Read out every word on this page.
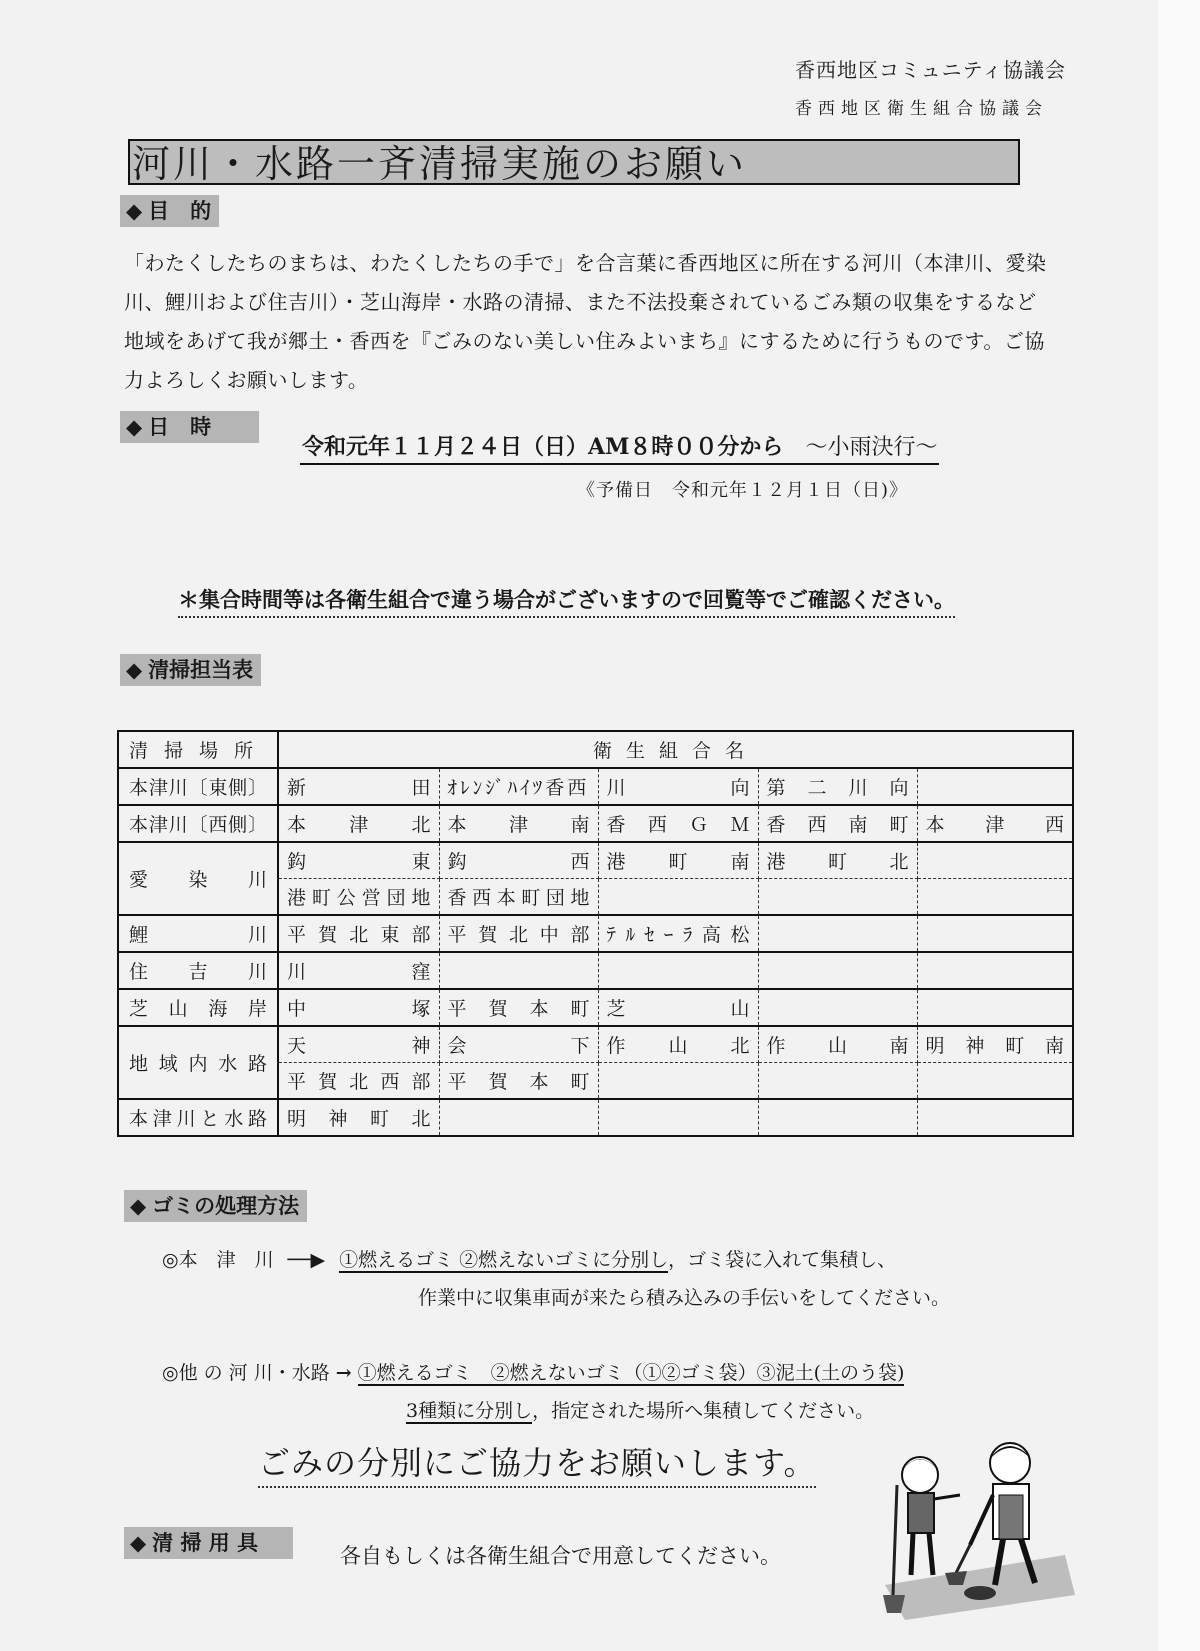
香西地区コミュニティ協議会
香西地区衛生組合協議会
河川・水路一斉清掃実施のお願い
◆ 目　的
「わたくしたちのまちは、わたくしたちの手で」を合言葉に香西地区に所在する河川（本津川、愛染川、鯉川および住吉川）・芝山海岸・水路の清掃、また不法投棄されているごみ類の収集をするなど地域をあげて我が郷土・香西を『ごみのない美しい住みよいまち』にするために行うものです。ご協力よろしくお願いします。
◆ 日　時
令和元年１１月２４日（日）AM８時００分から　 ～小雨決行～
《予備日　令和元年１２月１日（日)》
＊集合時間等は各衛生組合で違う場合がございますので回覧等でご確認ください。
◆ 清掃担当表
清掃場所	衛生組合名				
本津川〔東側〕	新田	ｵﾚﾝｼﾞﾊｲﾂ香西	川向	第二川向	
本津川〔西側〕	本津北	本津南	香西ＧＭ	香西南町	本津西
愛染川	鈎東	鈎西	港町南	港町北	
	港町公営団地	香西本町団地			
鯉川	平賀北東部	平賀北中部	ﾃﾙｾｰﾗ高松		
住吉川	川窪				
芝山海岸	中塚	平賀本町	芝山		
地域内水路	天神	会下	作山北	作山南	明神町南
	平賀北西部	平賀本町			
本津川と水路	明神町北				
◆ ゴミの処理方法
◎本　津　川 ──▶ ①燃えるゴミ ②燃えないゴミに分別し，ゴミ袋に入れて集積し、
作業中に収集車両が来たら積み込みの手伝いをしてください。
◎他 の 河 川・水路 → ①燃えるゴミ　②燃えないゴミ（①②ゴミ袋）③泥土(土のう袋)
3種類に分別し，指定された場所へ集積してください。
ごみの分別にご協力をお願いします。
◆ 清 掃 用 具
各自もしくは各衛生組合で用意してください。
